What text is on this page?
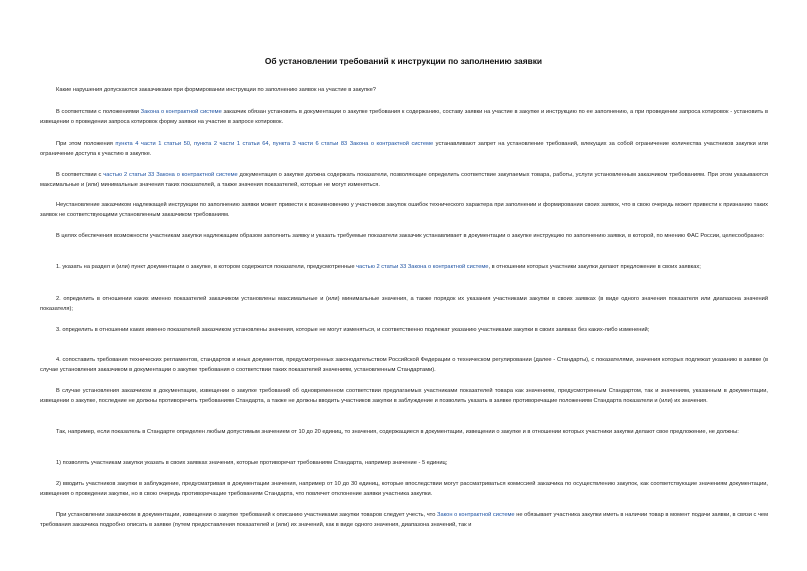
Об установлении требований к инструкции по заполнению заявки
Какие нарушения допускаются заказчиками при формировании инструкции по заполнению заявок на участие в закупке?
В соответствии с положениями Закона о контрактной системе заказчик обязан установить в документации о закупке требования к содержанию, составу заявки на участие в закупке и инструкцию по ее заполнению, а при проведении запроса котировок - установить в извещении о проведении запроса котировок форму заявки на участие в запросе котировок.
При этом положения пункта 4 части 1 статьи 50, пункта 2 части 1 статьи 64, пункта 3 части 6 статьи 83 Закона о контрактной системе устанавливают запрет на установление требований, влекущих за собой ограничение количества участников закупки или ограничение доступа к участию в закупке.
В соответствии с частью 2 статьи 33 Закона о контрактной системе документация о закупке должна содержать показатели, позволяющие определить соответствие закупаемых товара, работы, услуги установленным заказчиком требованиям. При этом указываются максимальные и (или) минимальные значения таких показателей, а также значения показателей, которые не могут изменяться.
Неустановление заказчиком надлежащей инструкции по заполнению заявки может привести к возникновению у участников закупок ошибок технического характера при заполнении и формировании своих заявок, что в свою очередь может привести к признанию таких заявок не соответствующими установленным заказчиком требованиям.
В целях обеспечения возможности участникам закупки надлежащим образом заполнить заявку и указать требуемые показатели заказчик устанавливает в документации о закупке инструкцию по заполнению заявки, в которой, по мнению ФАС России, целесообразно:
1. указать на раздел и (или) пункт документации о закупке, в котором содержатся показатели, предусмотренные частью 2 статьи 33 Закона о контрактной системе, в отношении которых участники закупки делают предложение в своих заявках;
2. определить в отношении каких именно показателей заказчиком установлены максимальные и (или) минимальные значения, а также порядок их указания участниками закупки в своих заявках (в виде одного значения показателя или диапазона значений показателя);
3. определить в отношении каких именно показателей заказчиком установлены значения, которые не могут изменяться, и соответственно подлежат указанию участниками закупки в своих заявках без каких-либо изменений;
4. сопоставить требования технических регламентов, стандартов и иных документов, предусмотренных законодательством Российской Федерации о техническом регулировании (далее - Стандарты), с показателями, значения которых подлежат указанию в заявке (в случае установления заказчиком в документации о закупке требования о соответствии таких показателей значениям, установленным Стандартами).
В случае установления заказчиком в документации, извещении о закупке требований об одновременном соответствии предлагаемых участниками показателей товара как значениям, предусмотренным Стандартом, так и значениям, указанным в документации, извещении о закупке, последние не должны противоречить требованиям Стандарта, а также не должны вводить участников закупки в заблуждение и позволить указать в заявке противоречащие положениям Стандарта показатели и (или) их значения.
Так, например, если показатель в Стандарте определен любым допустимым значением от 10 до 20 единиц, то значения, содержащиеся в документации, извещении о закупке и в отношении которых участники закупки делают свое предложение, не должны:
1) позволять участникам закупки указать в своих заявках значения, которые противоречат требованиям Стандарта, например значение - 5 единиц;
2) вводить участников закупки в заблуждение, предусматривая в документации значения, например от 10 до 30 единиц, которые впоследствии могут рассматриваться комиссией заказчика по осуществлению закупок, как соответствующие значениям документации, извещения о проведении закупки, но в свою очередь противоречащие требованиям Стандарта, что повлечет отклонение заявки участника закупки.
При установлении заказчиком в документации, извещении о закупке требований к описанию участниками закупки товаров следует учесть, что Закон о контрактной системе не обязывает участника закупки иметь в наличии товар в момент подачи заявки, в связи с чем требования заказчика подробно описать в заявке (путем предоставления показателей и (или) их значений, как в виде одного значения, диапазона значений, так и
